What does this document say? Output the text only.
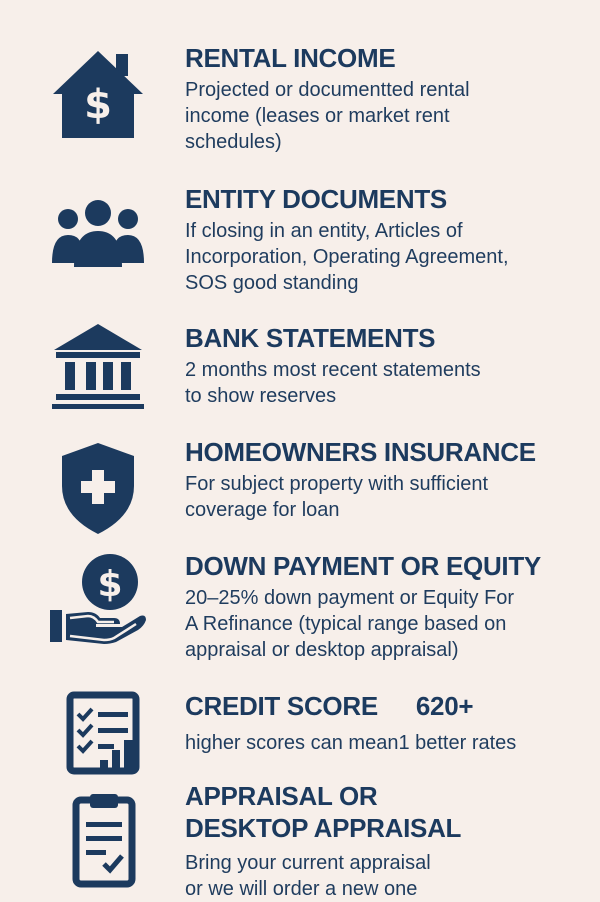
$
RENTAL INCOME
Projected or documentted rental
income (leases or market rent
schedules)
ENTITY DOCUMENTS
If closing in an entity, Articles of
Incorporation, Operating Agreement,
SOS good standing
BANK STATEMENTS
2 months most recent statements
to show reserves
HOMEOWNERS INSURANCE
For subject property with sufficient
coverage for loan
$ DOWN PAYMENT OR EQUITY
20–25% down payment or Equity For
A Refinance (typical range based on
appraisal or desktop appraisal)
CREDIT SCORE 620+
higher scores can mean1 better rates
APPRAISAL OR
DESKTOP APPRAISAL
Bring your current appraisal
or we will order a new one
